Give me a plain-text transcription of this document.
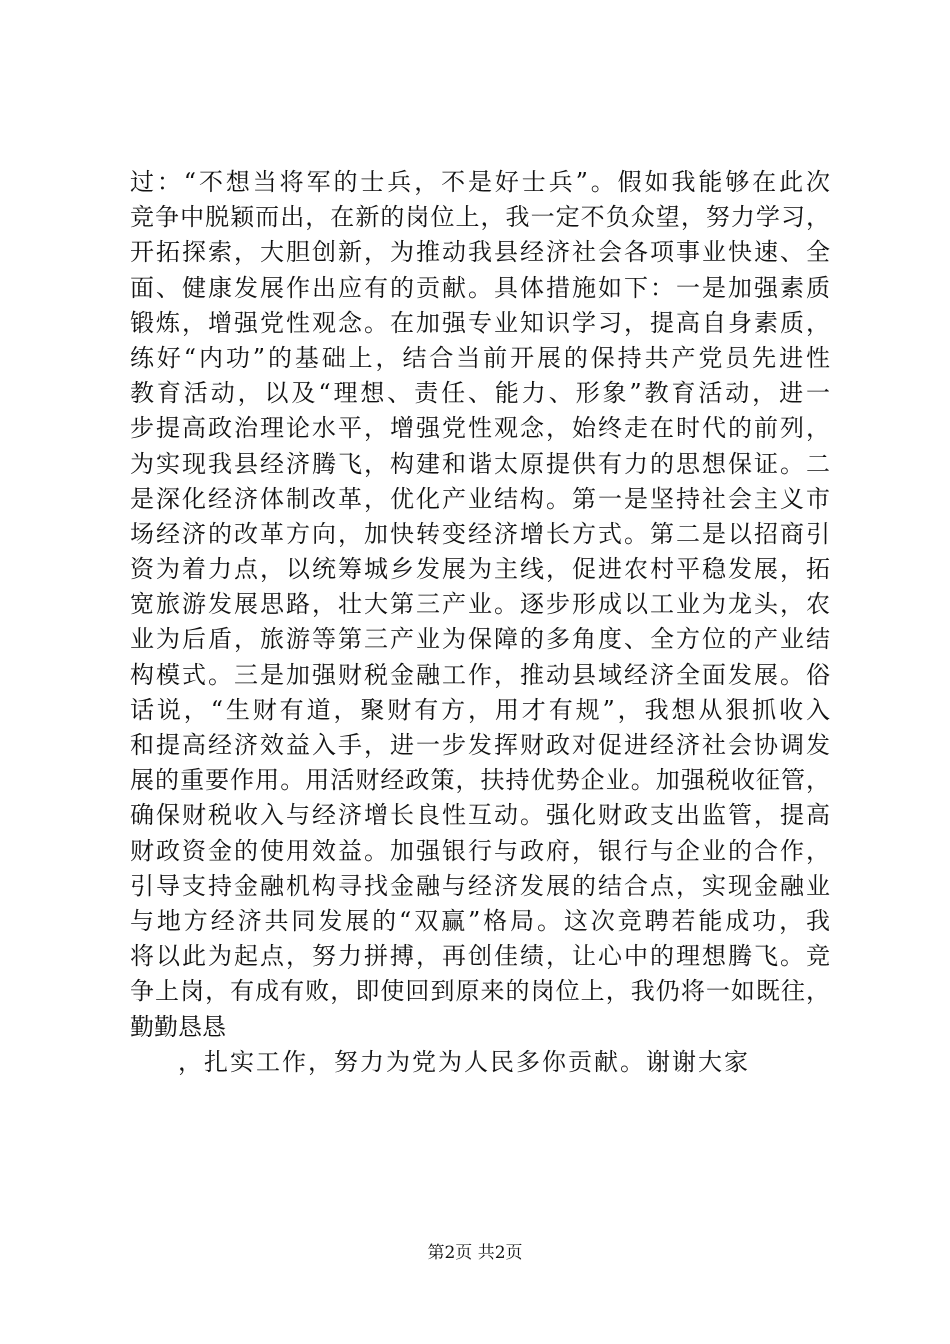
过：“不想当将军的士兵，不是好士兵”。假如我能够在此次
竞争中脱颖而出，在新的岗位上，我一定不负众望，努力学习，
开拓探索，大胆创新，为推动我县经济社会各项事业快速、全
面、健康发展作出应有的贡献。具体措施如下：一是加强素质
锻炼，增强党性观念。在加强专业知识学习，提高自身素质，
练好“内功”的基础上，结合当前开展的保持共产党员先进性
教育活动，以及“理想、责任、能力、形象”教育活动，进一
步提高政治理论水平，增强党性观念，始终走在时代的前列，
为实现我县经济腾飞，构建和谐太原提供有力的思想保证。二
是深化经济体制改革，优化产业结构。第一是坚持社会主义市
场经济的改革方向，加快转变经济增长方式。第二是以招商引
资为着力点，以统筹城乡发展为主线，促进农村平稳发展，拓
宽旅游发展思路，壮大第三产业。逐步形成以工业为龙头，农
业为后盾，旅游等第三产业为保障的多角度、全方位的产业结
构模式。三是加强财税金融工作，推动县域经济全面发展。俗
话说，“生财有道，聚财有方，用才有规”，我想从狠抓收入
和提高经济效益入手，进一步发挥财政对促进经济社会协调发
展的重要作用。用活财经政策，扶持优势企业。加强税收征管，
确保财税收入与经济增长良性互动。强化财政支出监管，提高
财政资金的使用效益。加强银行与政府，银行与企业的合作，
引导支持金融机构寻找金融与经济发展的结合点，实现金融业
与地方经济共同发展的“双赢”格局。这次竞聘若能成功，我
将以此为起点，努力拼搏，再创佳绩，让心中的理想腾飞。竞
争上岗，有成有败，即使回到原来的岗位上，我仍将一如既往，
勤勤恳恳
，扎实工作，努力为党为人民多你贡献。谢谢大家
第2页 共2页
